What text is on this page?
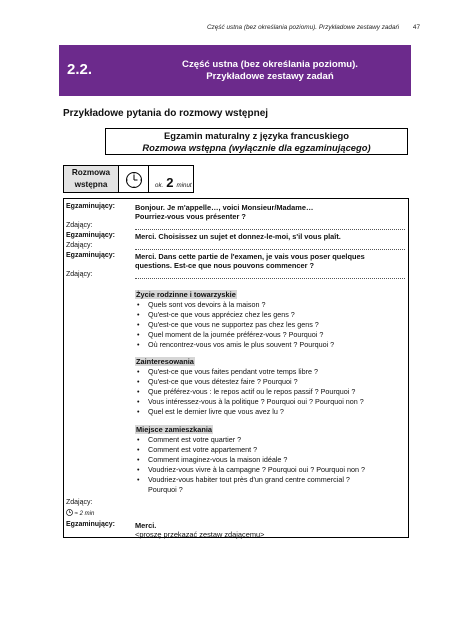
Część ustna (bez określania poziomu). Przykładowe zestawy zadań 47
2.2.	Część ustna (bez określania poziomu).
Przykładowe zestawy zadań
Przykładowe pytania do rozmowy wstępnej
Egzamin maturalny z języka francuskiego
Rozmowa wstępna (wyłącznie dla egzaminującego)
Rozmowa
wstępna	ok. 2 minut
Egzaminujący:	Bonjour. Je m'appelle…, voici Monsieur/Madame…
Pourriez-vous vous présenter ?
Zdający:
Egzaminujący:	Merci. Choisissez un sujet et donnez-le-moi, s'il vous plaît.
Zdający:
Egzaminujący:	Merci. Dans cette partie de l'examen, je vais vous poser quelques
questions. Est-ce que nous pouvons commencer ?
Zdający:
Życie rodzinne i towarzyskie
• Quels sont vos devoirs à la maison ?
• Qu'est-ce que vous appréciez chez les gens ?
• Qu'est-ce que vous ne supportez pas chez les gens ?
• Quel moment de la journée préférez-vous ? Pourquoi ?
• Où rencontrez-vous vos amis le plus souvent ? Pourquoi ?
Zainteresowania
• Qu'est-ce que vous faites pendant votre temps libre ?
• Qu'est-ce que vous détestez faire ? Pourquoi ?
• Que préférez-vous : le repos actif ou le repos passif ? Pourquoi ?
• Vous intéressez-vous à la politique ? Pourquoi oui ? Pourquoi non ?
• Quel est le dernier livre que vous avez lu ?
Miejsce zamieszkania
• Comment est votre quartier ?
• Comment est votre appartement ?
• Comment imaginez-vous la maison idéale ?
• Voudriez-vous vivre à la campagne ? Pourquoi oui ? Pourquoi non ?
• Voudriez-vous habiter tout près d'un grand centre commercial ?
Pourquoi ?
Zdający:
≈ 2 min
Egzaminujący:	Merci.
<proszę przekazać zestaw zdającemu>
